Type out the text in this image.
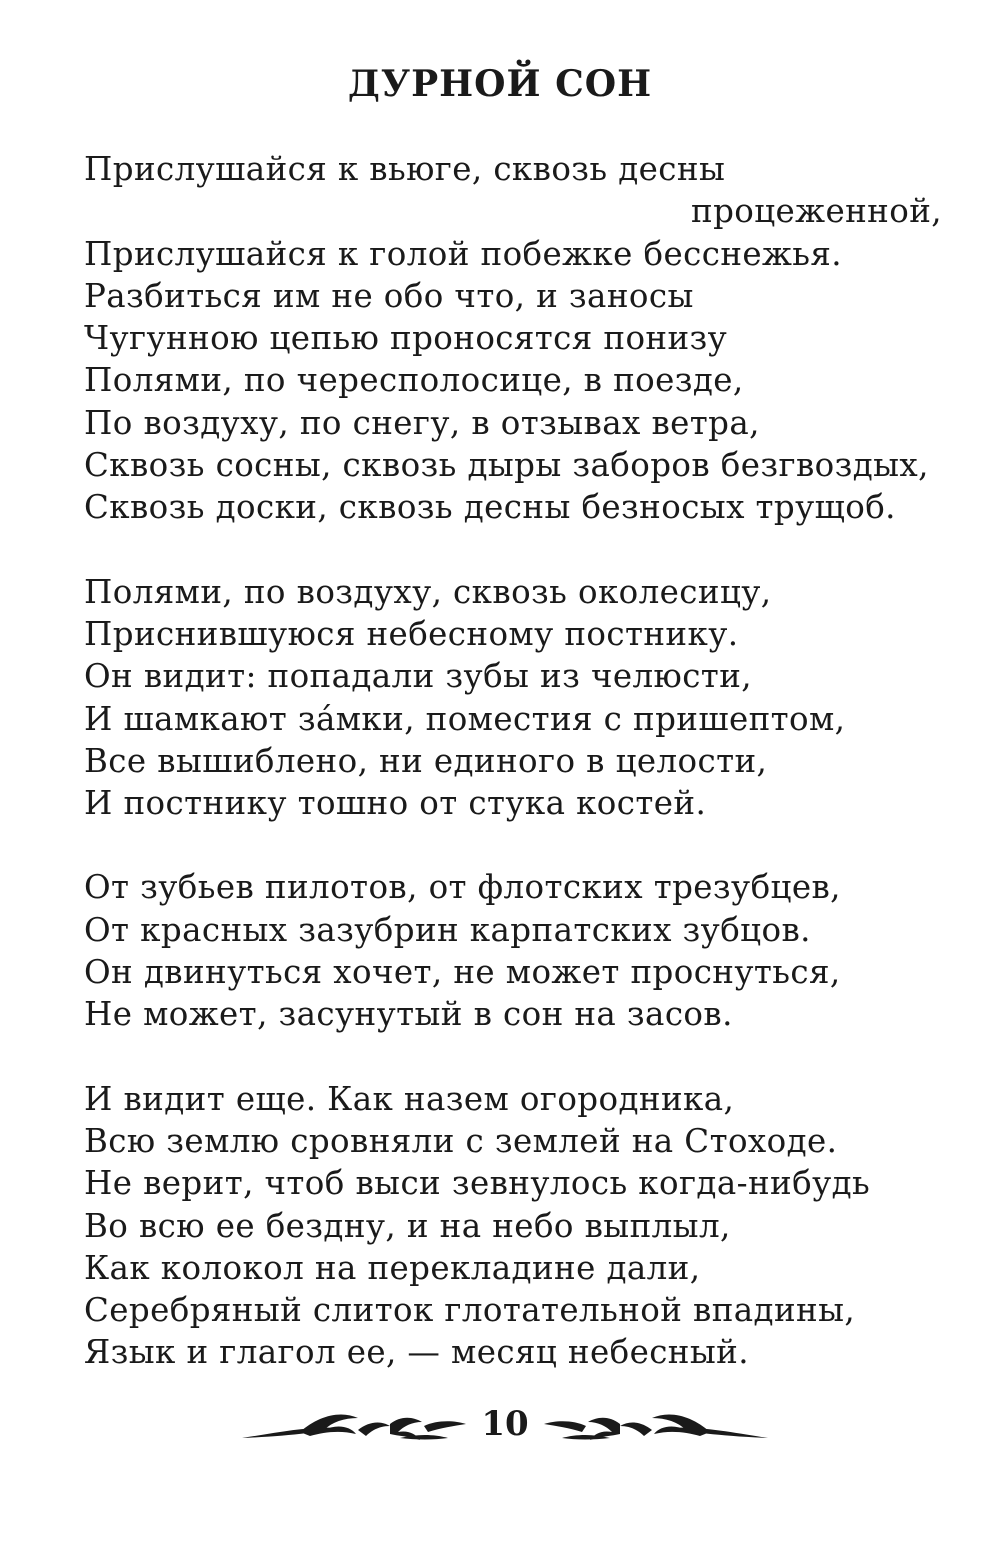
ДУРНОЙ СОН
Прислушайся к вьюге, сквозь десны
процеженной,
Прислушайся к голой побежке бесснежья.
Разбиться им не обо что, и заносы
Чугунною цепью проносятся понизу
Полями, по чересполосице, в поезде,
По воздуху, по снегу, в отзывах ветра,
Сквозь сосны, сквозь дыры заборов безгвоздых,
Сквозь доски, сквозь десны безносых трущоб.
Полями, по воздуху, сквозь околесицу,
Приснившуюся небесному постнику.
Он видит: попадали зубы из челюсти,
И шамкают за́мки, поместия с пришептом,
Все вышиблено, ни единого в целости,
И постнику тошно от стука костей.
От зубьев пилотов, от флотских трезубцев,
От красных зазубрин карпатских зубцов.
Он двинуться хочет, не может проснуться,
Не может, засунутый в сон на засов.
И видит еще. Как назем огородника,
Всю землю сровняли с землей на Стоходе.
Не верит, чтоб выси зевнулось когда-нибудь
Во всю ее бездну, и на небо выплыл,
Как колокол на перекладине дали,
Серебряный слиток глотательной впадины,
Язык и глагол ее, — месяц небесный.
10
